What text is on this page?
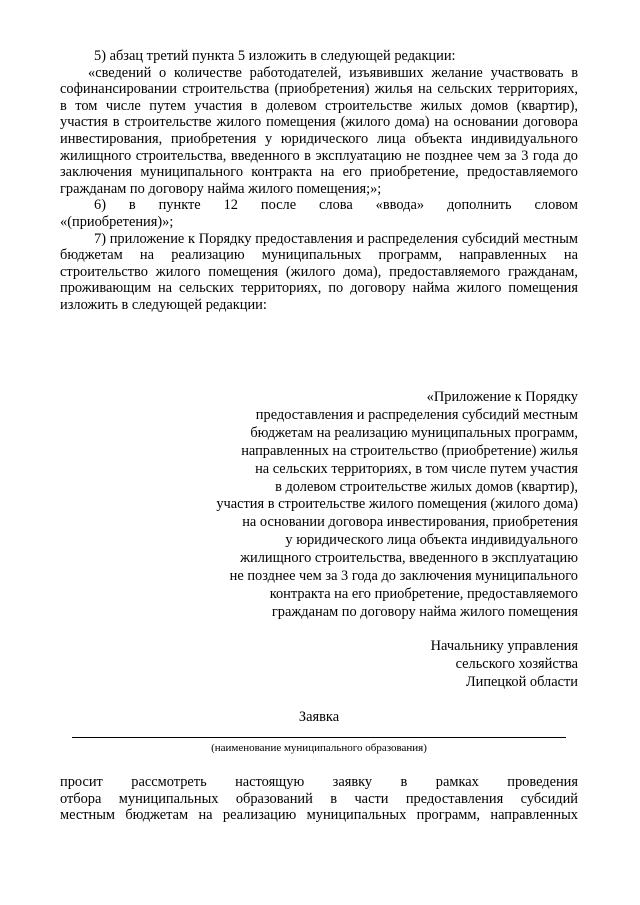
5) абзац третий пункта 5 изложить в следующей редакции:

«сведений о количестве работодателей, изъявивших желание участвовать в софинансировании строительства (приобретения) жилья на сельских территориях, в том числе путем участия в долевом строительстве жилых домов (квартир), участия в строительстве жилого помещения (жилого дома) на основании договора инвестирования, приобретения у юридического лица объекта индивидуального жилищного строительства, введенного в эксплуатацию не позднее чем за 3 года до заключения муниципального контракта на его приобретение, предоставляемого гражданам по договору найма жилого помещения;»;

6)     в     пункте     12     после     слова     «ввода»     дополнить     словом «(приобретения)»;

7) приложение к Порядку предоставления и распределения субсидий местным бюджетам на реализацию муниципальных программ, направленных на строительство жилого помещения (жилого дома), предоставляемого гражданам, проживающим на сельских территориях, по договору найма жилого помещения изложить в следующей редакции:

«Приложение к Порядку

предоставления и распределения субсидий местным

бюджетам на реализацию муниципальных программ,

направленных на строительство (приобретение) жилья

на сельских территориях, в том числе путем участия

в долевом строительстве жилых домов (квартир),

участия в строительстве жилого помещения (жилого дома)

на основании договора инвестирования, приобретения

у юридического лица объекта индивидуального

жилищного строительства, введенного в эксплуатацию

не позднее чем за 3 года до заключения муниципального

контракта на его приобретение, предоставляемого

гражданам по договору найма жилого помещения

Начальнику управления

сельского хозяйства

Липецкой области

Заявка
(наименование муниципального образования)

просит рассмотреть настоящую заявку в рамках проведения

отбора муниципальных образований в части предоставления субсидий

местным бюджетам на реализацию муниципальных программ, направленных
